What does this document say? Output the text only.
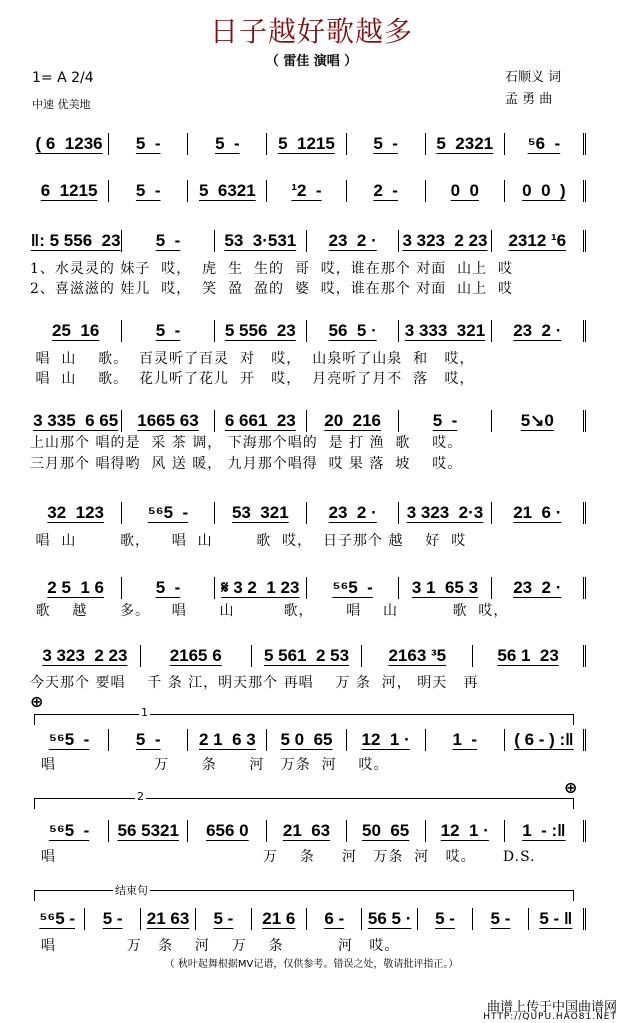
日子越好歌越多
（ 雷佳 演唱 ）
1= A 2/4
中速 优美地
石顺义 词
孟 勇 曲
( 6  1236	5  -	5  -	5  1215	5  -	5  2321	⁵6  -
6  1215	5  -	5  6321	¹2  -	2  -	0  0	0  0  )
‖: 5 556  23	5  -	53  3·531	23  2 ·	3 323  2 23	2312 ¹6
1、水灵灵的 妹子  哎，  虎  生  生的  哥  哎，谁在那个 对面  山上  哎
2、喜滋滋的 娃儿  哎，  笑  盈  盈的  婆  哎，谁在那个 对面  山上  哎
25  16	5  -	5 556  23	56  5 ·	3 333  321	23  2 ·
唱  山    歌。  百灵听了百灵  对   哎，  山泉听了山泉  和   哎，
唱  山    歌。  花儿听了花儿  开   哎，  月亮听了月不  落   哎，
3 335  6 65	1665 63	6 661  23	20  216	5  -	5↘0
上山那个 唱的是  采 茶 调， 下海那个唱的  是 打 渔  歌    哎。
三月那个 唱得哟  风 送 暖， 九月那个唱得  哎 果 落  坡    哎。
32  123	⁵⁶5  -	53  321	23  2 ·	3 323  2·3	21  6 ·
唱  山        歌，    唱  山        歌  哎，  日子那个 越    好  哎
2 5  1 6	5  -	𝄋 3 2  1 23	⁵⁶5  -	3 1  65 3	23  2 ·
歌    越      多。    唱      山         歌，      唱    山          歌  哎，
3 323  2 23	2165 6	5 561  2 53	2163 ³5	56 1  23
今天那个 要唱    千 条 江，明天那个 再唱    万 条  河， 明天   再
⁵⁶5  -	5  -	2 1  6 3	5 0  65	12  1 ·	1  -	( 6 - ) :‖
唱                  万      条      河   万条  河    哎。
⁵⁶5  -	56 5321	656 0	21  63	50  65	12  1 ·	1  - :‖
唱                                      万    条     河   万条  河   哎。     D.S.
⁵⁶5 -	5 -	21 63	5 -	21 6	6 -	56 5 ·	5 -	5 -	5 - ‖
唱             万   条    河    万    条          河   哎。
⊕
1
⊕
2
结束句
（ 秋叶起舞根据MV记谱，仅供参考。错误之处，敬请批评指正。）
曲谱上传于中国曲谱网
HTTP://QUPU.HAO81.NET
